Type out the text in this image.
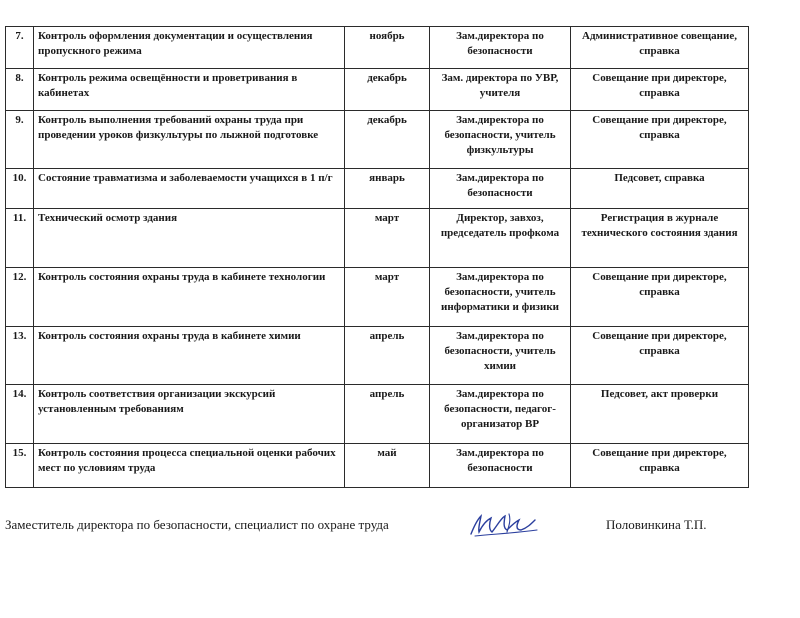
7.	Контроль оформления документации и осуществления пропускного режима	ноябрь	Зам.директора по безопасности	Административное совещание, справка
8.	Контроль режима освещённости и проветривания в кабинетах	декабрь	Зам. директора по УВР, учителя	Совещание при директоре, справка
9.	Контроль выполнения требований охраны труда при проведении уроков физкультуры по лыжной подготовке	декабрь	Зам.директора по безопасности, учитель физкультуры	Совещание при директоре, справка
10.	Состояние травматизма и заболеваемости учащихся в 1 п/г	январь	Зам.директора по безопасности	Педсовет, справка
11.	Технический осмотр здания	март	Директор, завхоз, председатель профкома	Регистрация в журнале технического состояния здания
12.	Контроль состояния охраны труда в кабинете технологии	март	Зам.директора по безопасности, учитель информатики и физики	Совещание при директоре, справка
13.	Контроль состояния охраны труда в кабинете химии	апрель	Зам.директора по безопасности, учитель химии	Совещание при директоре, справка
14.	Контроль соответствия организации экскурсий установленным требованиям	апрель	Зам.директора по безопасности, педагог-организатор ВР	Педсовет, акт проверки
15.	Контроль состояния процесса специальной оценки рабочих мест по условиям труда	май	Зам.директора по безопасности	Совещание при директоре, справка
Заместитель директора по безопасности, специалист по охране труда	Половинкина Т.П.
